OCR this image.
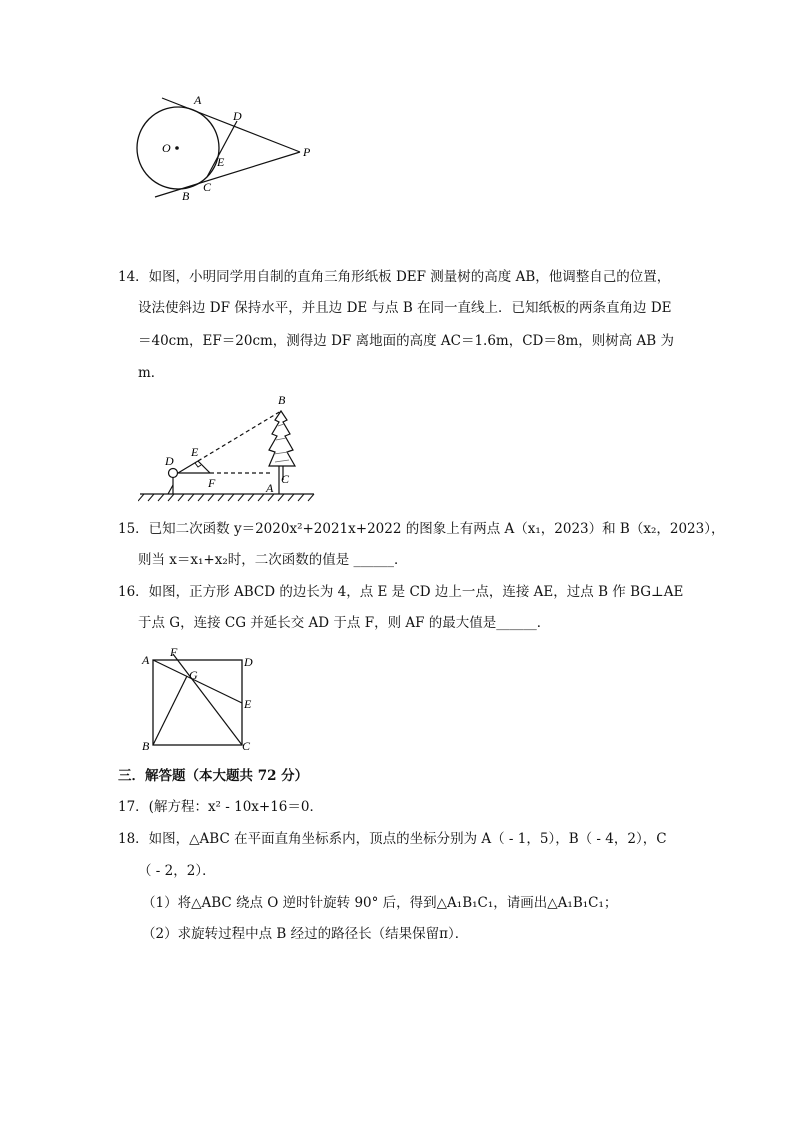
A
D
O
E
P
C
B
14．如图，小明同学用自制的直角三角形纸板 DEF 测量树的高度 AB，他调整自己的位置，
设法使斜边 DF 保持水平，并且边 DE 与点 B 在同一直线上．已知纸板的两条直角边 DE
＝40cm，EF＝20cm，测得边 DF 离地面的高度 AC＝1.6m，CD＝8m，则树高 AB 为
m．
B
E
D
F	C
A
15．已知二次函数 y＝2020x²+2021x+2022 的图象上有两点 A（x₁，2023）和 B（x₂，2023），
则当 x＝x₁+x₂时，二次函数的值是 ______．
16．如图，正方形 ABCD 的边长为 4，点 E 是 CD 边上一点，连接 AE，过点 B 作 BG⊥AE
于点 G，连接 CG 并延长交 AD 于点 F，则 AF 的最大值是______．
A
F
D
G
E
B	C
三．解答题（本大题共 72 分）
17．(解方程：x² - 10x+16＝0．
18．如图，△ABC 在平面直角坐标系内，顶点的坐标分别为 A（ - 1，5），B（ - 4，2），C
（ - 2，2）．
（1）将△ABC 绕点 O 逆时针旋转 90° 后，得到△A₁B₁C₁，请画出△A₁B₁C₁；
（2）求旋转过程中点 B 经过的路径长（结果保留π）．
